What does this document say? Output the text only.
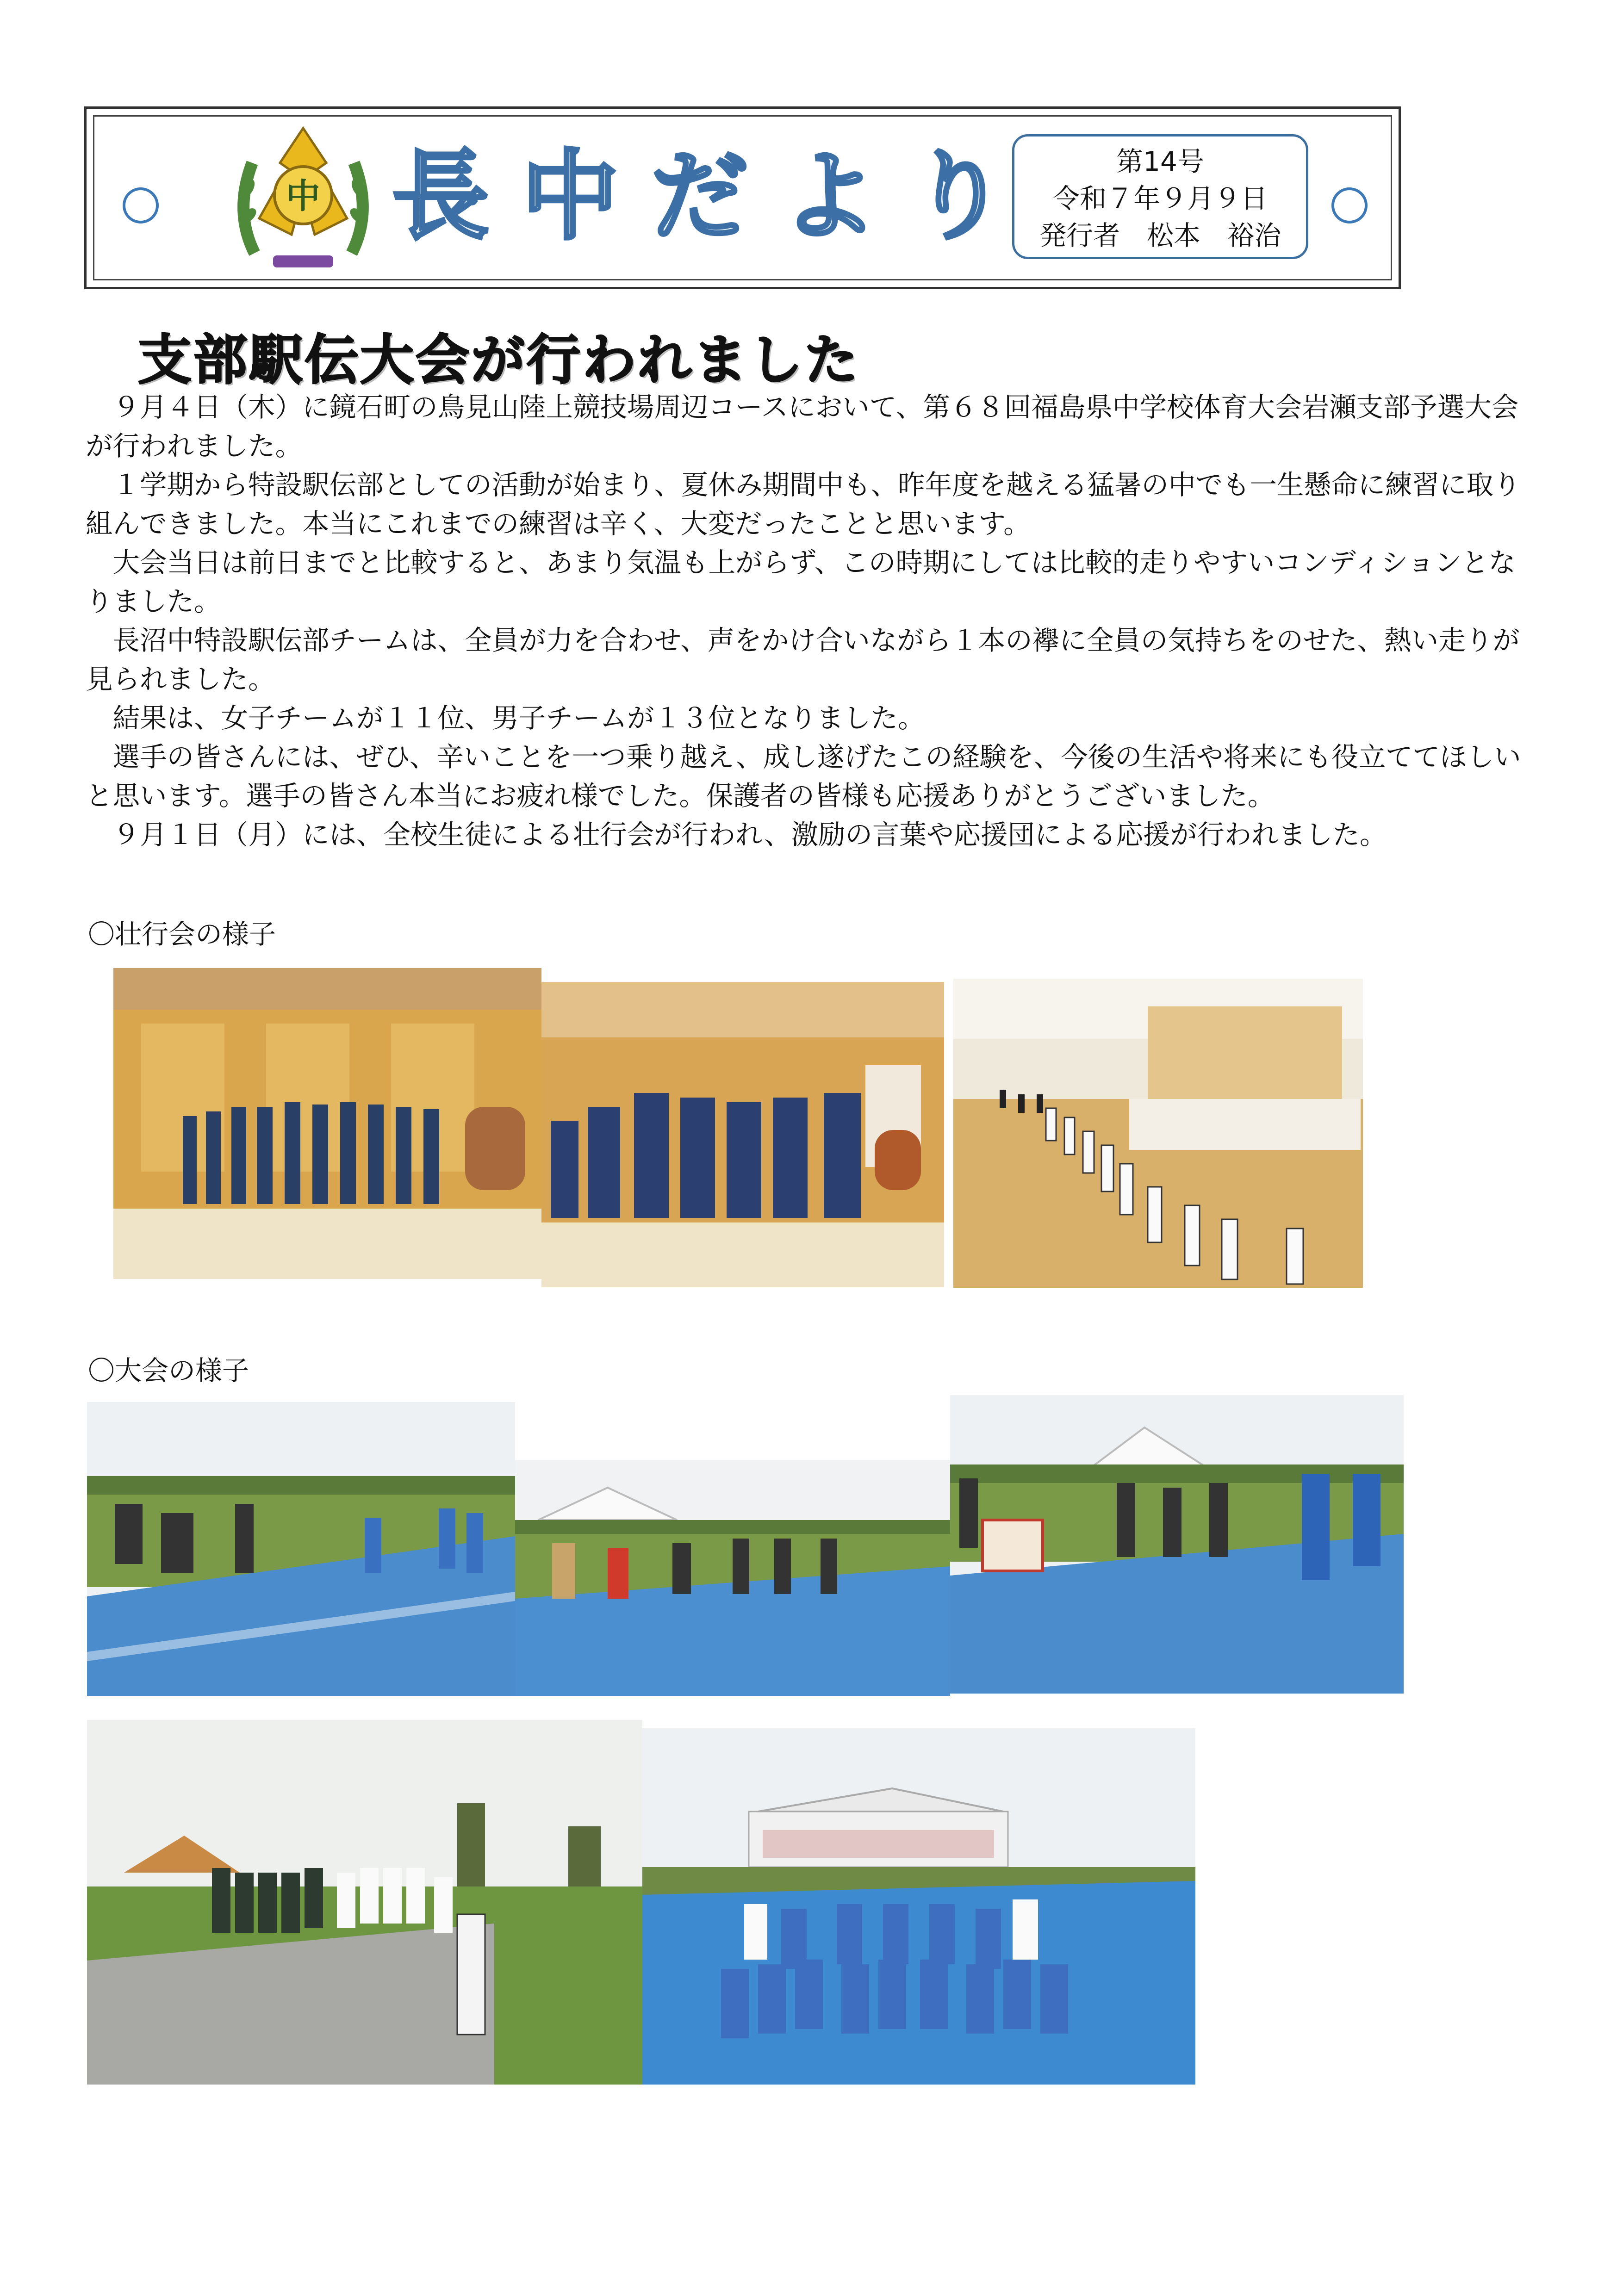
中 長中だより	第14号
令和７年９月９日
発行者　松本　裕治
支部駅伝大会が行われました

　９月４日（木）に鏡石町の鳥見山陸上競技場周辺コースにおいて、第６８回福島県中学校体育大会岩瀬支部予選大会が行われました。

　１学期から特設駅伝部としての活動が始まり、夏休み期間中も、昨年度を越える猛暑の中でも一生懸命に練習に取り組んできました。本当にこれまでの練習は辛く、大変だったことと思います。

　大会当日は前日までと比較すると、あまり気温も上がらず、この時期にしては比較的走りやすいコンディションとなりました。

　長沼中特設駅伝部チームは、全員が力を合わせ、声をかけ合いながら１本の襷に全員の気持ちをのせた、熱い走りが見られました。

　結果は、女子チームが１１位、男子チームが１３位となりました。

　選手の皆さんには、ぜひ、辛いことを一つ乗り越え、成し遂げたこの経験を、今後の生活や将来にも役立ててほしいと思います。選手の皆さん本当にお疲れ様でした。保護者の皆様も応援ありがとうございました。

　９月１日（月）には、全校生徒による壮行会が行われ、激励の言葉や応援団による応援が行われました。

〇壮行会の様子
〇大会の様子
